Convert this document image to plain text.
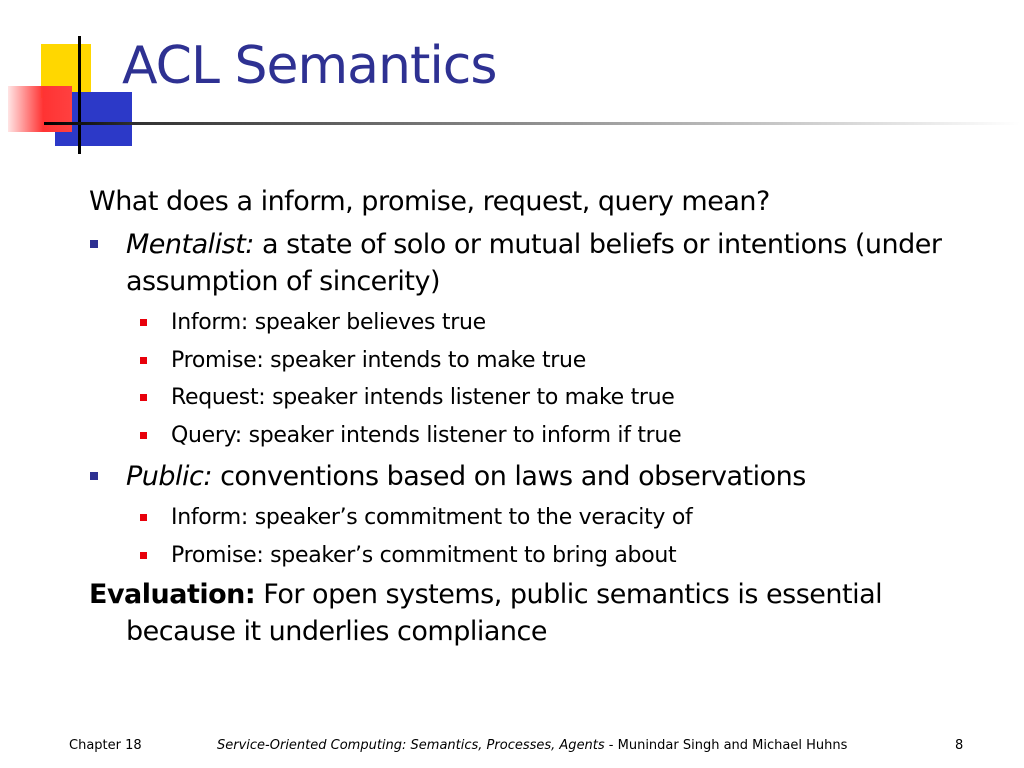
ACL Semantics
What does a inform, promise, request, query mean?
Mentalist: a state of solo or mutual beliefs or intentions (under assumption of sincerity)
Inform: speaker believes true
Promise: speaker intends to make true
Request: speaker intends listener to make true
Query: speaker intends listener to inform if true
Public: conventions based on laws and observations
Inform: speaker’s commitment to the veracity of
Promise: speaker’s commitment to bring about
Evaluation: For open systems, public semantics is essential because it underlies compliance
Chapter 18	Service-Oriented Computing: Semantics, Processes, Agents - Munindar Singh and Michael Huhns	8
